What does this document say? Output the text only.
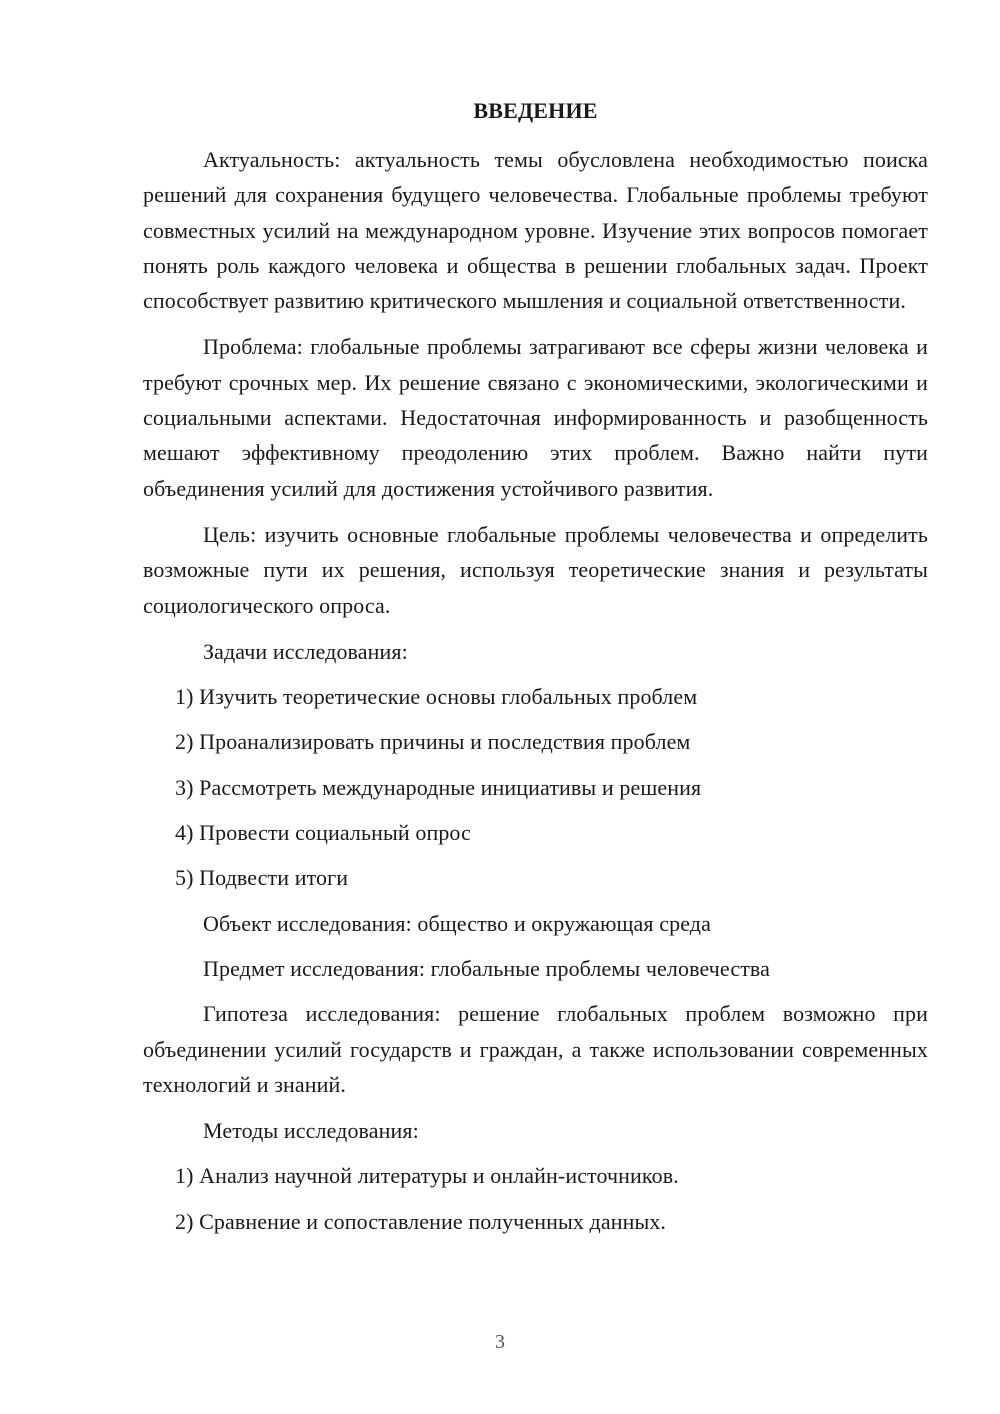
ВВЕДЕНИЕ

Актуальность: актуальность темы обусловлена необходимостью поиска решений для сохранения будущего человечества. Глобальные проблемы требуют совместных усилий на международном уровне. Изучение этих вопросов помогает понять роль каждого человека и общества в решении глобальных задач. Проект способствует развитию критического мышления и социальной ответственности.

Проблема: глобальные проблемы затрагивают все сферы жизни человека и требуют срочных мер. Их решение связано с экономическими, экологическими и социальными аспектами. Недостаточная информированность и разобщенность мешают эффективному преодолению этих проблем. Важно найти пути объединения усилий для достижения устойчивого развития.

Цель: изучить основные глобальные проблемы человечества и определить возможные пути их решения, используя теоретические знания и результаты социологического опроса.

Задачи исследования:
1) Изучить теоретические основы глобальных проблем
2) Проанализировать причины и последствия проблем
3) Рассмотреть международные инициативы и решения
4) Провести социальный опрос
5) Подвести итоги
Объект исследования: общество и окружающая среда
Предмет исследования: глобальные проблемы человечества

Гипотеза исследования: решение глобальных проблем возможно при объединении усилий государств и граждан, а также использовании современных технологий и знаний.

Методы исследования:
1) Анализ научной литературы и онлайн-источников.
2) Сравнение и сопоставление полученных данных.
3
